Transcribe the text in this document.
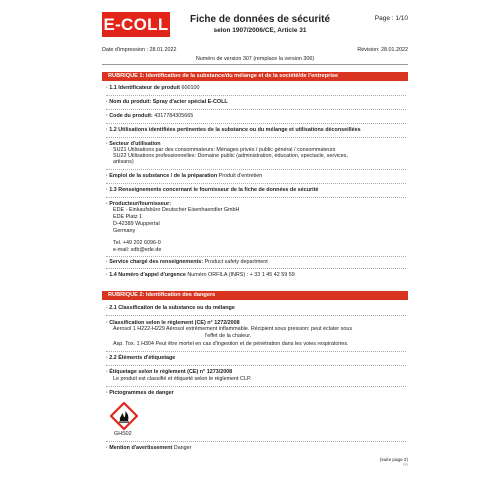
E-COLL	Fiche de données de sécurité
selon 1907/2006/CE, Article 31
Page : 1/10
Date d'impression : 28.01.2022	Révision: 28.01.2022
Numéro de version 307 (remplace la version 306)
RUBRIQUE 1: Identification de la substance/du mélange et de la société/de l'entreprise
· 1.1 Identificateur de produit 600100
· Nom du produit: Spray d'acier spécial E-COLL
· Code du produit: 4317784305665
· 1.2 Utilisations identifiées pertinentes de la substance ou du mélange et utilisations déconseillées
· Secteur d'utilisation
SU21 Utilisations par des consommateurs: Ménages privés / public général / consommateurs
SU22 Utilisations professionnelles: Domaine public (administration, éducation, spectacle, services,
artisans)
· Emploi de la substance / de la préparation Produit d'entretien
· 1.3 Renseignements concernant le fournisseur de la fiche de données de sécurité
· Producteur/fournisseur:
EDE - Einkaufsbüro Deutscher Eisenhaendler GmbH
EDE Platz 1
D-42389 Wuppertal
Germany
Tel. +49 202 6096-0
e-mail: sdb@ede.de
· Service chargé des renseignements: Product safety department
· 1.4 Numéro d'appel d'urgence Numéro ORFILA (INRS) : + 33 1 45 42 59 59
RUBRIQUE 2: Identification des dangers
· 2.1 Classification de la substance ou du mélange
· Classification selon le règlement (CE) n° 1272/2008
Aerosol 1 H222-H229 Aérosol extrêmement inflammable. Récipient sous pression: peut éclater sous
l'effet de la chaleur.
Asp. Tox. 1 H304 Peut être mortel en cas d'ingestion et de pénétration dans les voies respiratoires.
· 2.2 Éléments d'étiquetage
· Étiquetage selon le règlement (CE) n° 1273/2008
Le produit est classifié et étiqueté selon le règlement CLP.
· Pictogrammes de danger
GHS02
· Mention d'avertissement Danger
(suite page 2)
FR
